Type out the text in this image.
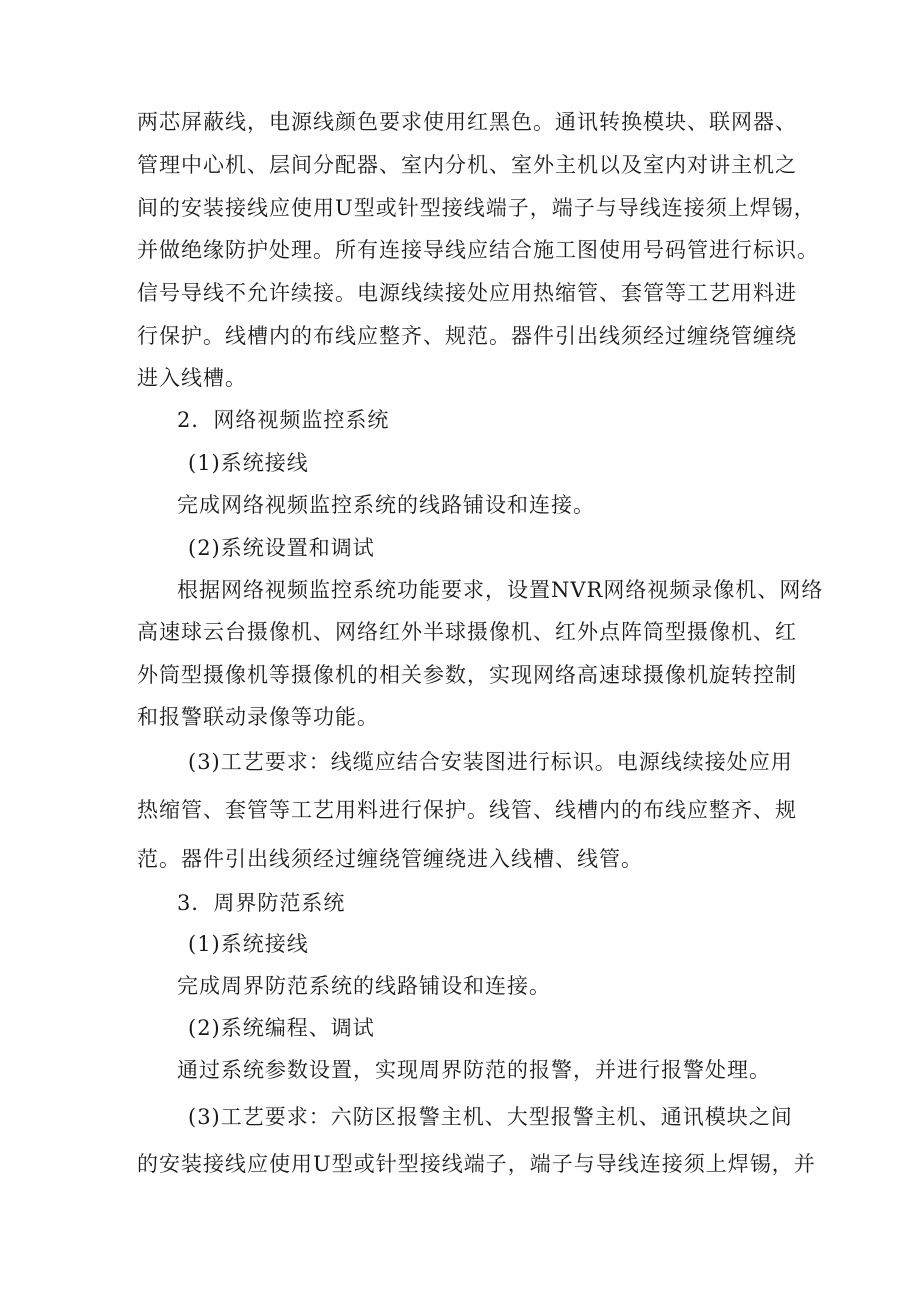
两芯屏蔽线，电源线颜色要求使用红黑色。通讯转换模块、联网器、
管理中心机、层间分配器、室内分机、室外主机以及室内对讲主机之
间的安装接线应使用U型或针型接线端子，端子与导线连接须上焊锡，
并做绝缘防护处理。所有连接导线应结合施工图使用号码管进行标识。
信号导线不允许续接。电源线续接处应用热缩管、套管等工艺用料进
行保护。线槽内的布线应整齐、规范。器件引出线须经过缠绕管缠绕
进入线槽。
2．网络视频监控系统
(1)系统接线
完成网络视频监控系统的线路铺设和连接。
(2)系统设置和调试
根据网络视频监控系统功能要求，设置NVR网络视频录像机、网络
高速球云台摄像机、网络红外半球摄像机、红外点阵筒型摄像机、红
外筒型摄像机等摄像机的相关参数，实现网络高速球摄像机旋转控制
和报警联动录像等功能。
(3)工艺要求：线缆应结合安装图进行标识。电源线续接处应用
热缩管、套管等工艺用料进行保护。线管、线槽内的布线应整齐、规
范。器件引出线须经过缠绕管缠绕进入线槽、线管。
3．周界防范系统
(1)系统接线
完成周界防范系统的线路铺设和连接。
(2)系统编程、调试
通过系统参数设置，实现周界防范的报警，并进行报警处理。
(3)工艺要求：六防区报警主机、大型报警主机、通讯模块之间
的安装接线应使用U型或针型接线端子，端子与导线连接须上焊锡，并
